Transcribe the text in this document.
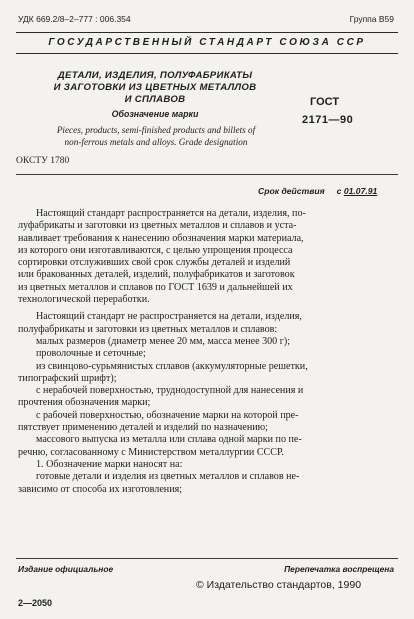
УДК 669.2/8–2–777 : 006.354	Группа В59
ГОСУДАРСТВЕННЫЙ СТАНДАРТ СОЮЗА ССР
ДЕТАЛИ, ИЗДЕЛИЯ, ПОЛУФАБРИКАТЫ
И ЗАГОТОВКИ ИЗ ЦВЕТНЫХ МЕТАЛЛОВ
И СПЛАВОВ
Обозначение марки
Pieces, products, semi-finished products and billets of
non-ferrous metals and alloys. Grade designation
ГОСТ
2171—90
ОКСТУ 1780
Срок действия с 01.07.91
Настоящий стандарт распространяется на детали, изделия, по-
луфабрикаты и заготовки из цветных металлов и сплавов и уста-
навливает требования к нанесению обозначения марки материала,
из которого они изготавливаются, с целью упрощения процесса
сортировки отслуживших свой срок службы деталей и изделий
или бракованных деталей, изделий, полуфабрикатов и заготовок
из цветных металлов и сплавов по ГОСТ 1639 и дальнейшей их
технологической переработки.
Настоящий стандарт не распространяется на детали, изделия,
полуфабрикаты и заготовки из цветных металлов и сплавов:
малых размеров (диаметр менее 20 мм, масса менее 300 г);
проволочные и сеточные;
из свинцово-сурьмянистых сплавов (аккумуляторные решетки,
типографский шрифт);
с нерабочей поверхностью, труднодоступной для нанесения и
прочтения обозначения марки;
с рабочей поверхностью, обозначение марки на которой пре-
пятствует применению деталей и изделий по назначению;
массового выпуска из металла или сплава одной марки по пе-
речню, согласованному с Министерством металлургии СССР.
1. Обозначение марки наносят на:
готовые детали и изделия из цветных металлов и сплавов не-
зависимо от способа их изготовления;
Издание официальное	Перепечатка воспрещена
© Издательство стандартов, 1990
2—2050
